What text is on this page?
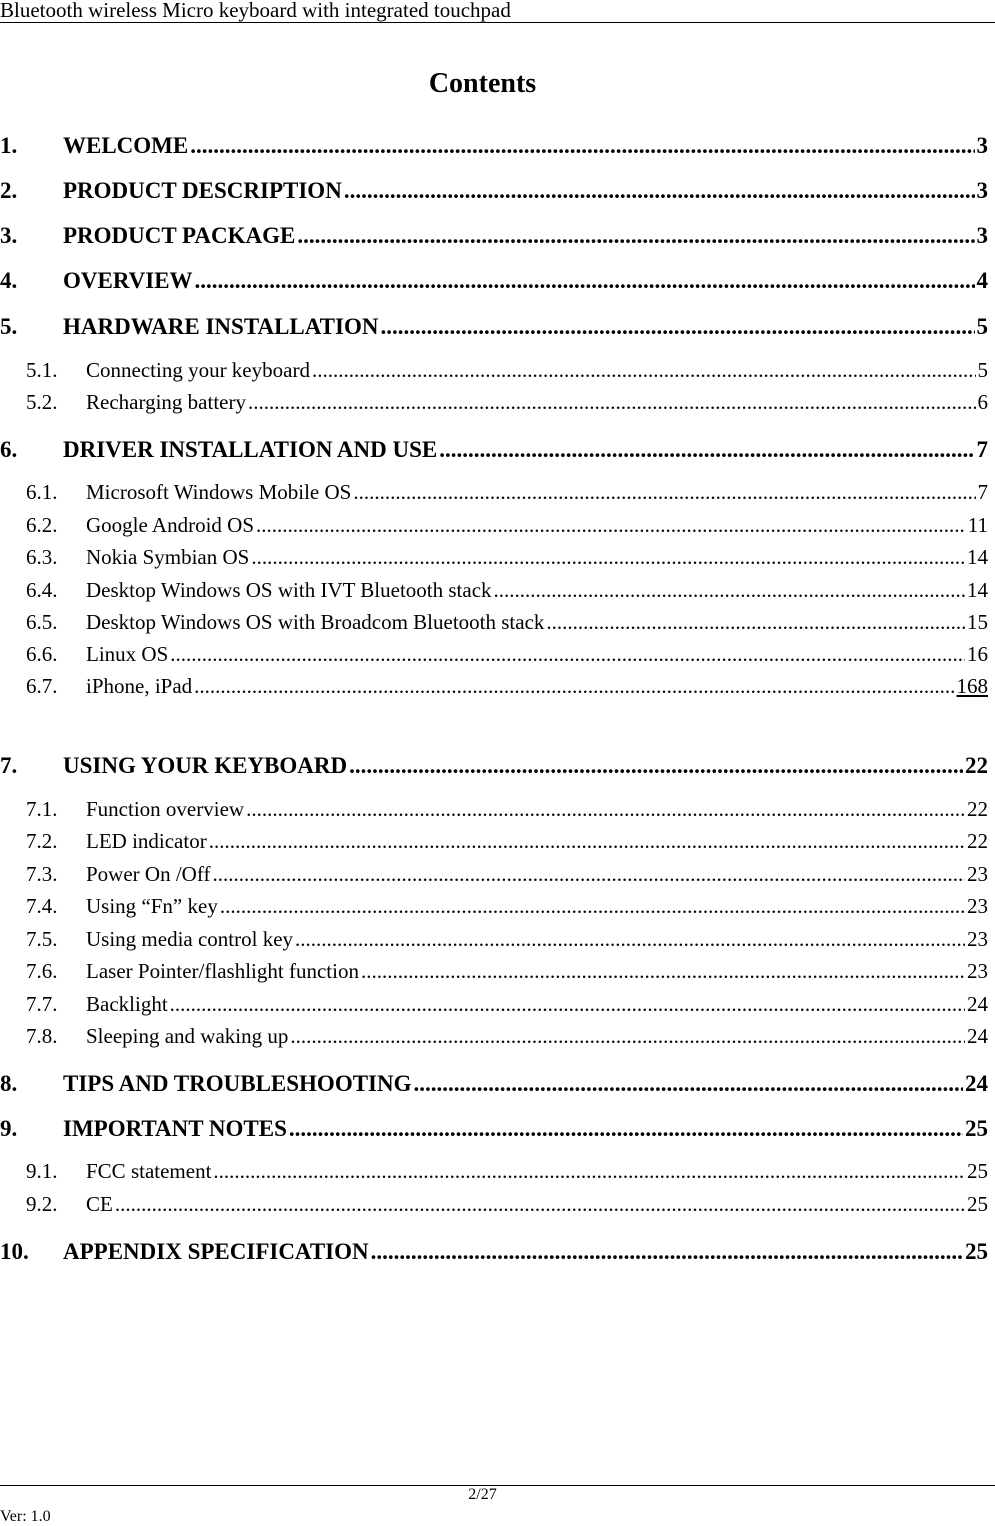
Bluetooth wireless Micro keyboard with integrated touchpad
Contents
1.	WELCOME .....	3
2.	PRODUCT DESCRIPTION .....	3
3.	PRODUCT PACKAGE .....	3
4.	OVERVIEW .....	4
5.	HARDWARE INSTALLATION .....	5
5.1.	Connecting your keyboard .....	5
5.2.	Recharging battery .....	6
6.	DRIVER INSTALLATION AND USE .....	7
6.1.	Microsoft Windows Mobile OS .....	7
6.2.	Google Android OS .....	11
6.3.	Nokia Symbian OS .....	14
6.4.	Desktop Windows OS with IVT Bluetooth stack .....	14
6.5.	Desktop Windows OS with Broadcom Bluetooth stack .....	15
6.6.	Linux OS .....	16
6.7.	iPhone, iPad .....	168
7.	USING YOUR KEYBOARD .....	22
7.1.	Function overview .....	22
7.2.	LED indicator .....	22
7.3.	Power On /Off .....	23
7.4.	Using “Fn” key .....	23
7.5.	Using media control key .....	23
7.6.	Laser Pointer/flashlight function .....	23
7.7.	Backlight .....	24
7.8.	Sleeping and waking up .....	24
8.	TIPS AND TROUBLESHOOTING .....	24
9.	IMPORTANT NOTES .....	25
9.1.	FCC statement .....	25
9.2.	CE .....	25
10.	APPENDIX SPECIFICATION .....	25
2/27
Ver: 1.0
